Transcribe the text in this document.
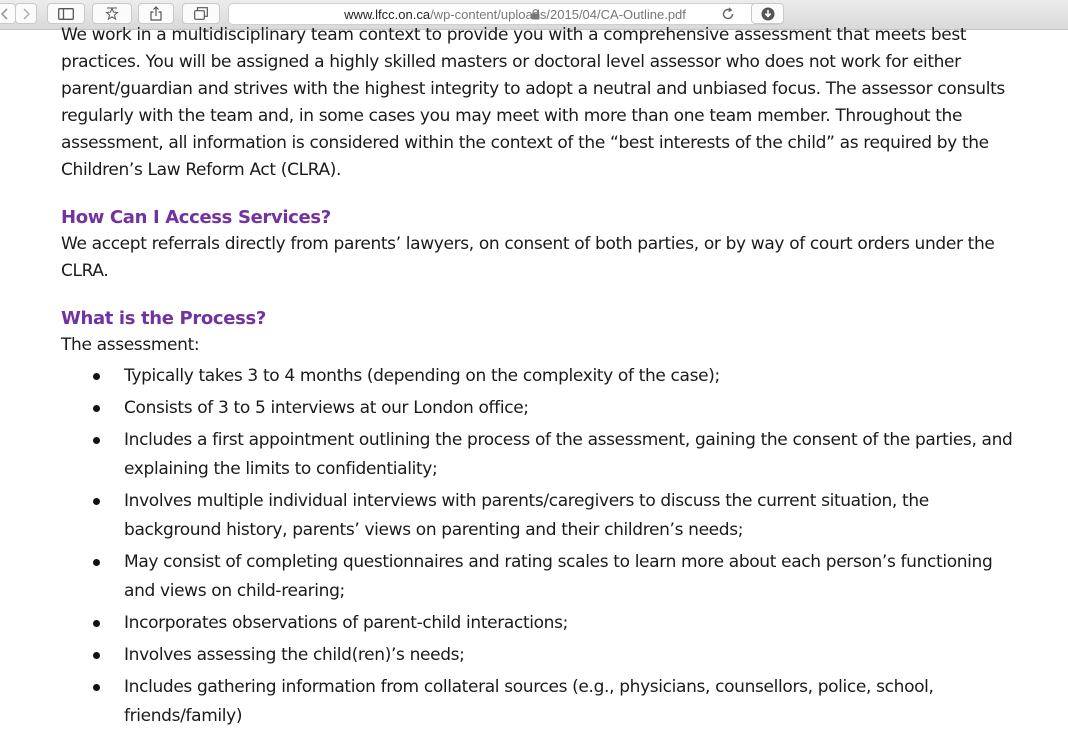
www.lfcc.on.ca/wp-content/uploads/2015/04/CA-Outline.pdf

We work in a multidisciplinary team context to provide you with a comprehensive assessment that meets best practices. You will be assigned a highly skilled masters or doctoral level assessor who does not work for either parent/guardian and strives with the highest integrity to adopt a neutral and unbiased focus. The assessor consults regularly with the team and, in some cases you may meet with more than one team member. Throughout the assessment, all information is considered within the context of the “best interests of the child” as required by the Children’s Law Reform Act (CLRA).

How Can I Access Services?

We accept referrals directly from parents’ lawyers, on consent of both parties, or by way of court orders under the CLRA.

What is the Process?

The assessment:

Typically takes 3 to 4 months (depending on the complexity of the case);
Consists of 3 to 5 interviews at our London office;
Includes a first appointment outlining the process of the assessment, gaining the consent of the parties, and explaining the limits to confidentiality;
Involves multiple individual interviews with parents/caregivers to discuss the current situation, the background history, parents’ views on parenting and their children’s needs;
May consist of completing questionnaires and rating scales to learn more about each person’s functioning and views on child-rearing;
Incorporates observations of parent-child interactions;
Involves assessing the child(ren)’s needs;
Includes gathering information from collateral sources (e.g., physicians, counsellors, police, school, friends/family)
